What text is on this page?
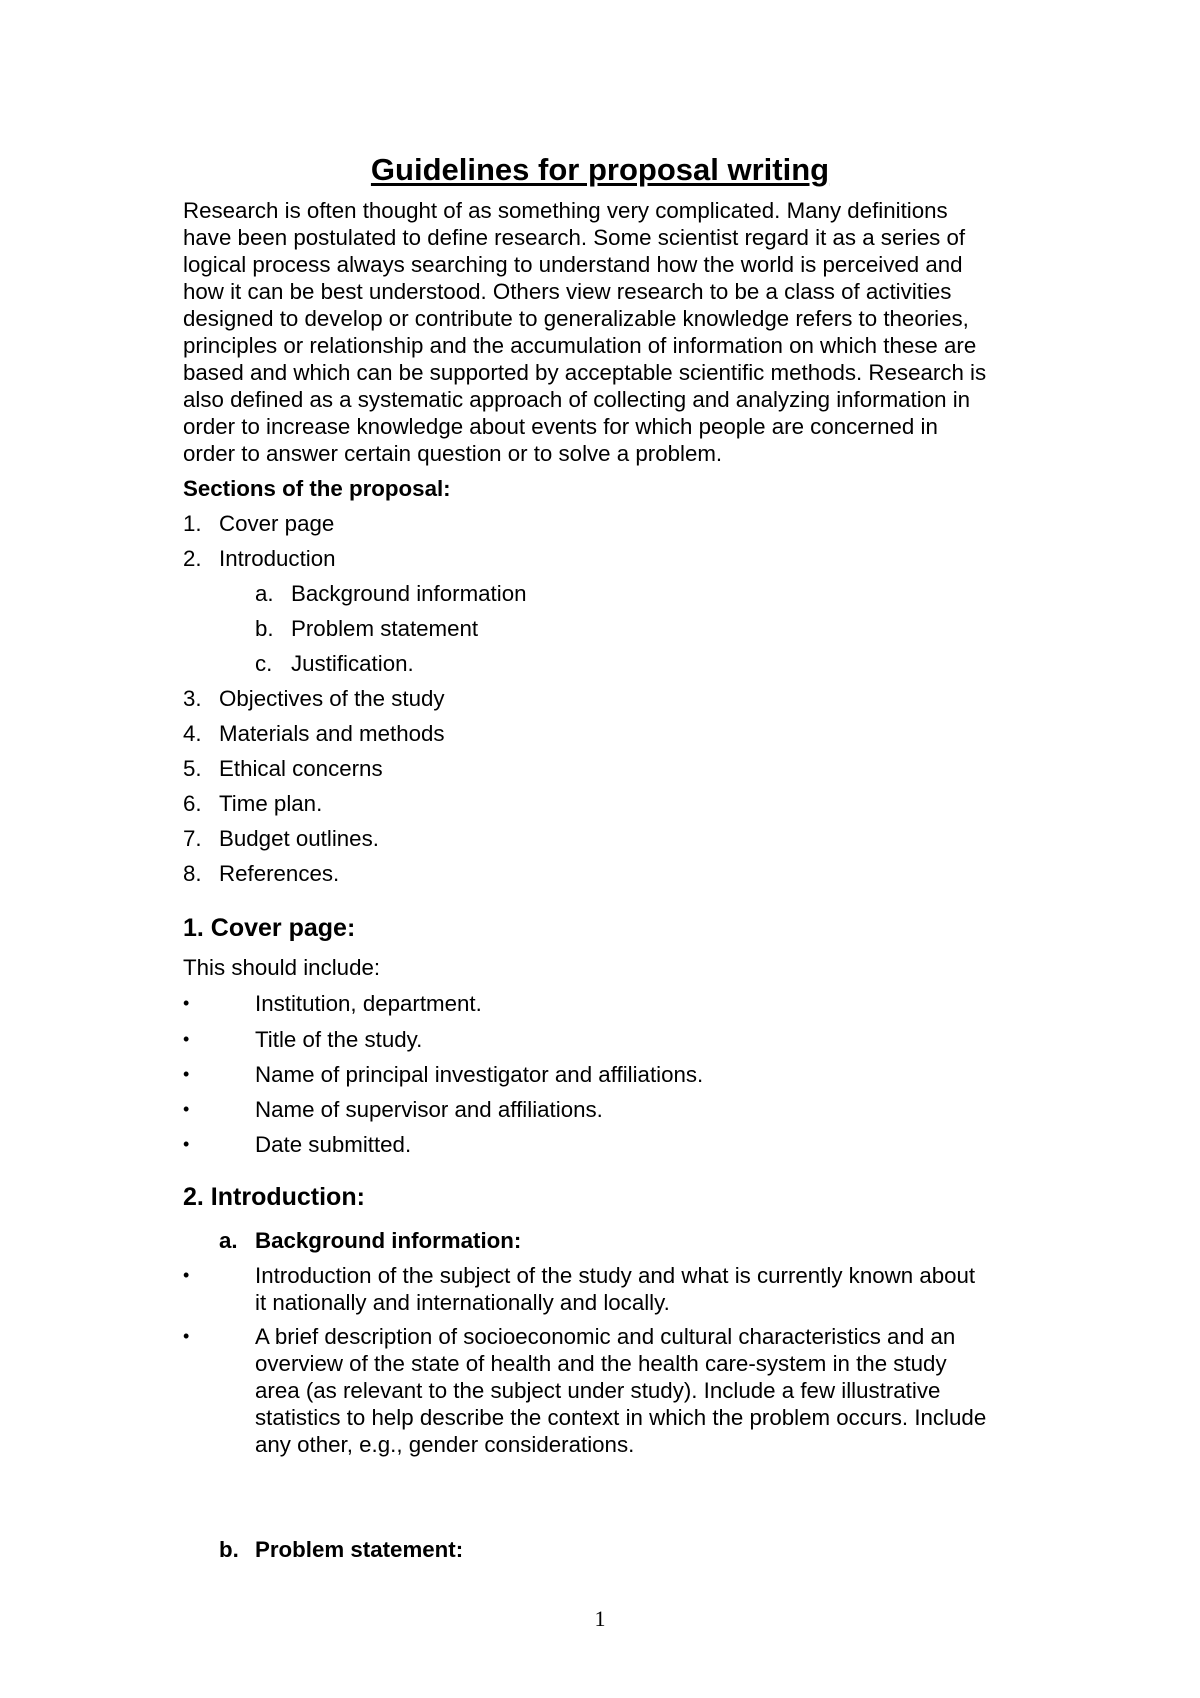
Guidelines for proposal writing

Research is often thought of as something very complicated. Many definitions
have been postulated to define research. Some scientist regard it as a series of
logical process always searching to understand how the world is perceived and
how it can be best understood. Others view research to be a class of activities
designed to develop or contribute to generalizable knowledge refers to theories,
principles or relationship and the accumulation of information on which these are
based and which can be supported by acceptable scientific methods. Research is
also defined as a systematic approach of collecting and analyzing information in
order to increase knowledge about events for which people are concerned in
order to answer certain question or to solve a problem.

Sections of the proposal:

1. Cover page
2. Introduction
a. Background information
b. Problem statement
c. Justification.
3. Objectives of the study
4. Materials and methods
5. Ethical concerns
6. Time plan.
7. Budget outlines.
8. References.
1. Cover page:

This should include:

•	Institution, department.
•	Title of the study.
•	Name of principal investigator and affiliations.
•	Name of supervisor and affiliations.
•	Date submitted.
2. Introduction:
a. Background information:
•	Introduction of the subject of the study and what is currently known about
it nationally and internationally and locally.
•	A brief description of socioeconomic and cultural characteristics and an
overview of the state of health and the health care-system in the study
area (as relevant to the subject under study). Include a few illustrative
statistics to help describe the context in which the problem occurs. Include
any other, e.g., gender considerations.
b. Problem statement:
1
